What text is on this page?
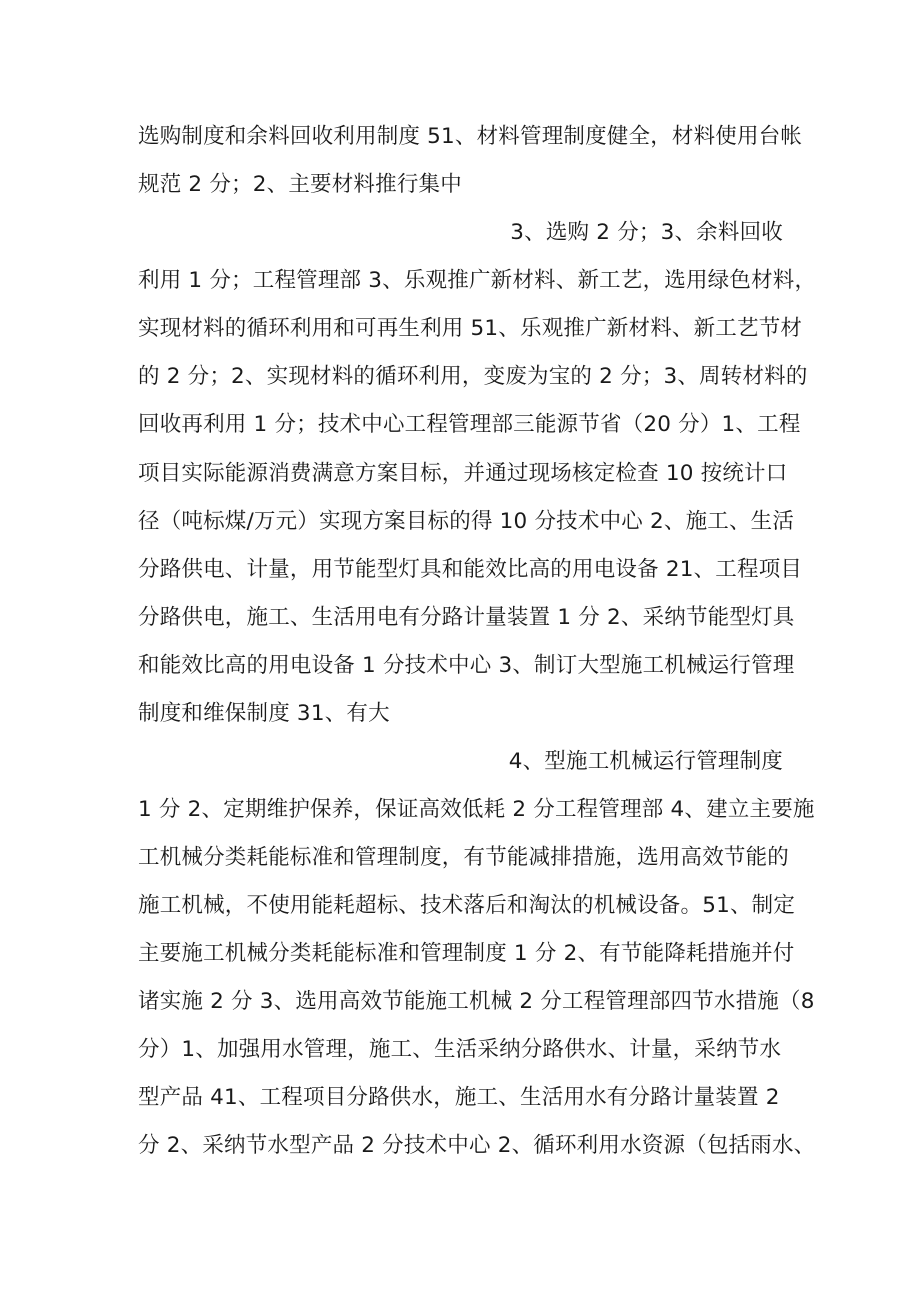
选购制度和余料回收利用制度 51、材料管理制度健全，材料使用台帐
规范 2 分；2、主要材料推行集中
3、选购 2 分；3、余料回收
利用 1 分；工程管理部 3、乐观推广新材料、新工艺，选用绿色材料，
实现材料的循环利用和可再生利用 51、乐观推广新材料、新工艺节材
的 2 分；2、实现材料的循环利用，变废为宝的 2 分；3、周转材料的
回收再利用 1 分；技术中心工程管理部三能源节省（20 分）1、工程
项目实际能源消费满意方案目标，并通过现场核定检查 10 按统计口
径（吨标煤/万元）实现方案目标的得 10 分技术中心 2、施工、生活
分路供电、计量，用节能型灯具和能效比高的用电设备 21、工程项目
分路供电，施工、生活用电有分路计量装置 1 分 2、采纳节能型灯具
和能效比高的用电设备 1 分技术中心 3、制订大型施工机械运行管理
制度和维保制度 31、有大
4、型施工机械运行管理制度
1 分 2、定期维护保养，保证高效低耗 2 分工程管理部 4、建立主要施
工机械分类耗能标准和管理制度，有节能减排措施，选用高效节能的
施工机械，不使用能耗超标、技术落后和淘汰的机械设备。51、制定
主要施工机械分类耗能标准和管理制度 1 分 2、有节能降耗措施并付
诸实施 2 分 3、选用高效节能施工机械 2 分工程管理部四节水措施（8
分）1、加强用水管理，施工、生活采纳分路供水、计量，采纳节水
型产品 41、工程项目分路供水，施工、生活用水有分路计量装置 2
分 2、采纳节水型产品 2 分技术中心 2、循环利用水资源（包括雨水、
